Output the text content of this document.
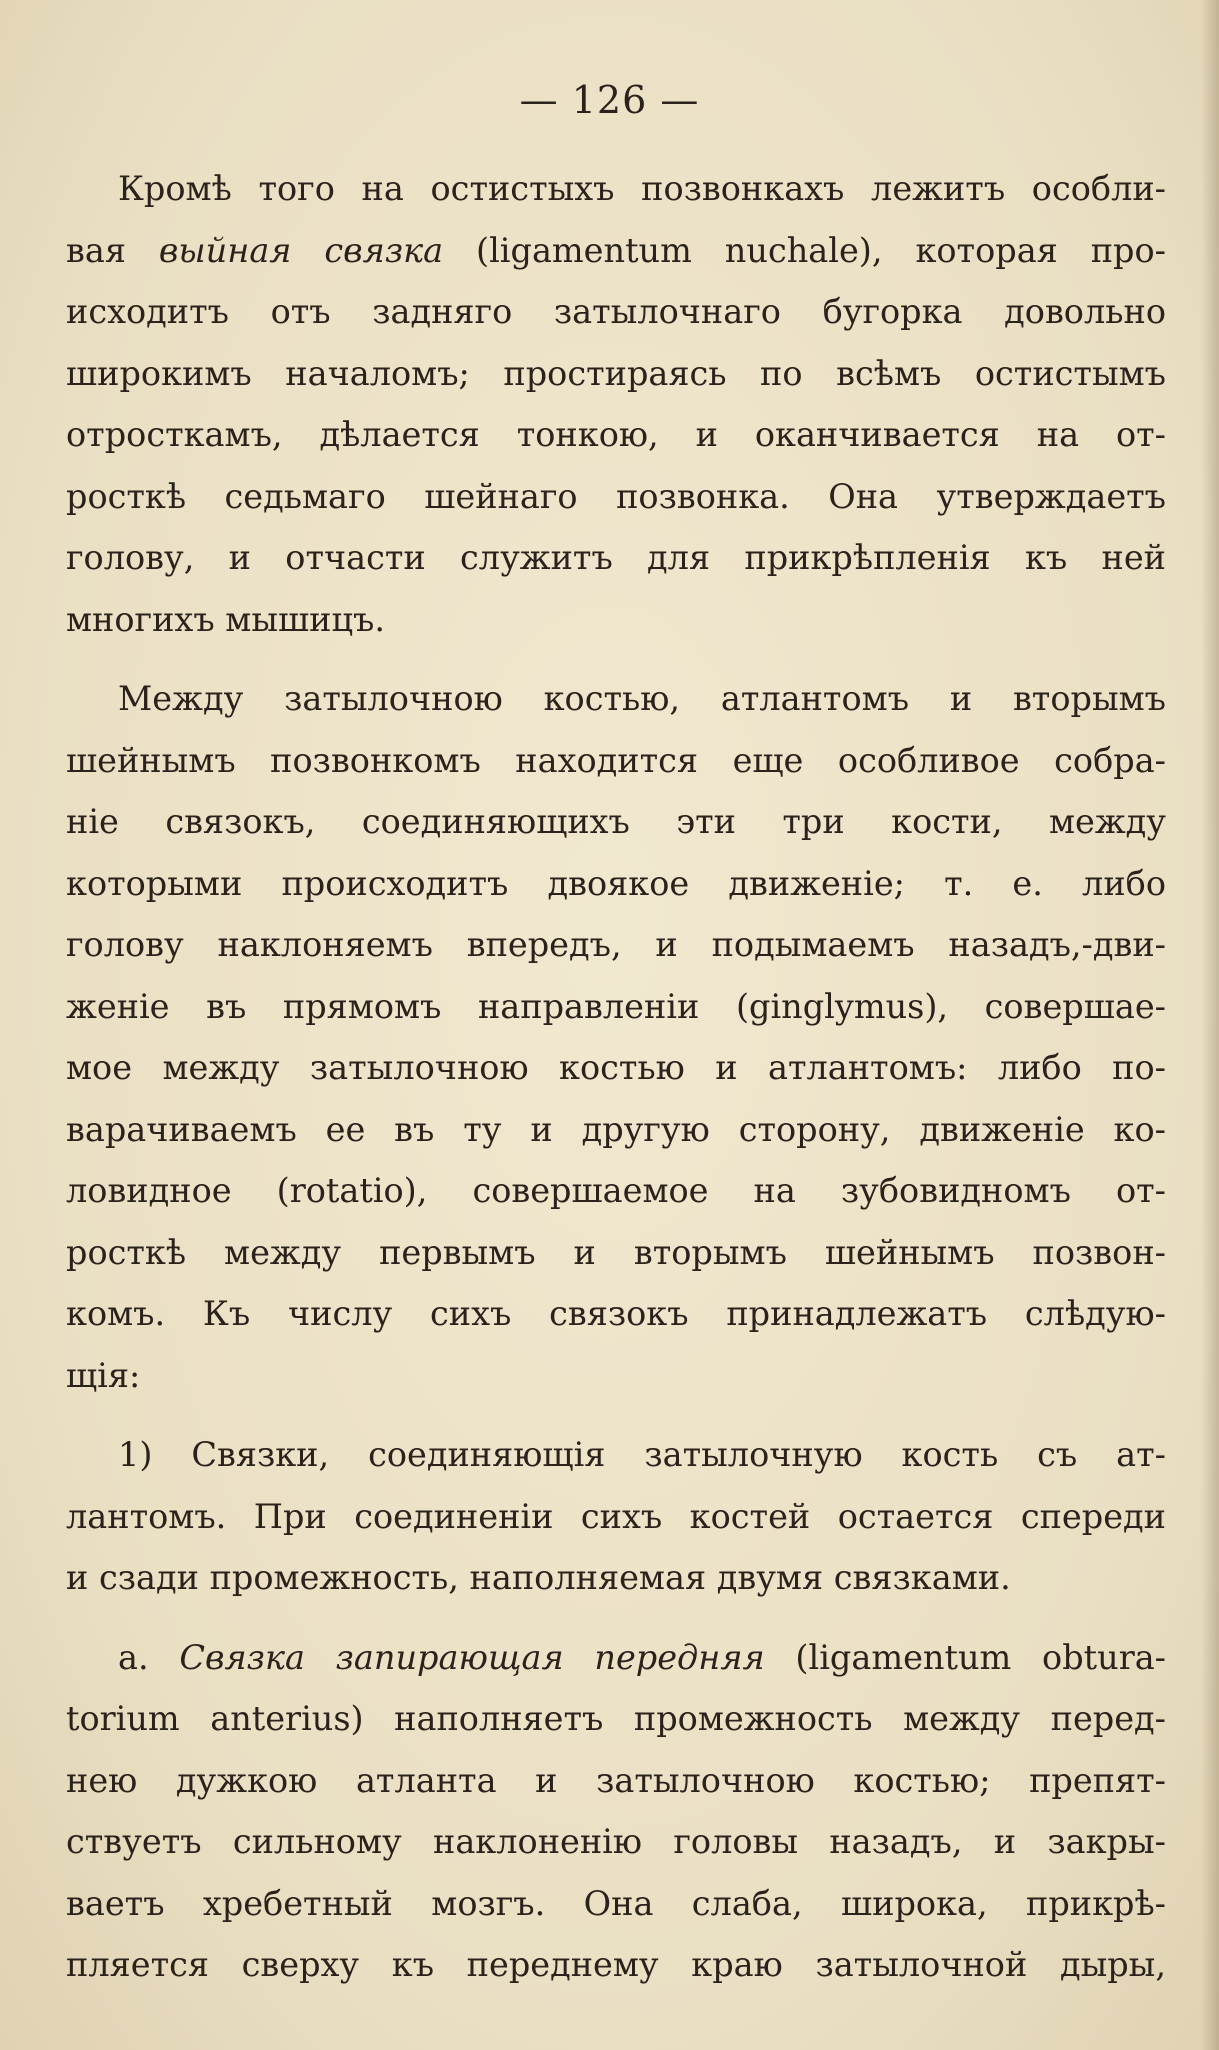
— 126 —

Кромѣ того на остистыхъ позвонкахъ лежитъ особли-
вая выйная связка (ligamentum nuchale), которая про-
исходитъ отъ задняго затылочнаго бугорка довольно
широкимъ началомъ; простираясь по всѣмъ остистымъ
отросткамъ, дѣлается тонкою, и оканчивается на от-
росткѣ седьмаго шейнаго позвонка. Она утверждаетъ
голову, и отчасти служитъ для прикрѣпленія къ ней
многихъ мышицъ.

Между затылочною костью, атлантомъ и вторымъ
шейнымъ позвонкомъ находится еще особливое собра-
ніе связокъ, соединяющихъ эти три кости, между
которыми происходитъ двоякое движеніе; т. е. либо
голову наклоняемъ впередъ, и подымаемъ назадъ,-дви-
женіе въ прямомъ направленіи (ginglymus), совершае-
мое между затылочною костью и атлантомъ: либо по-
варачиваемъ ее въ ту и другую сторону, движеніе ко-
ловидное (rotatio), совершаемое на зубовидномъ от-
росткѣ между первымъ и вторымъ шейнымъ позвон-
комъ. Къ числу сихъ связокъ принадлежатъ слѣдую-
щія:

1) Связки, соединяющія затылочную кость съ ат-
лантомъ. При соединеніи сихъ костей остается спереди
и сзади промежность, наполняемая двумя связками.

a. Связка запирающая передняя (ligamentum obtura-
torium anterius) наполняетъ промежность между перед-
нею дужкою атланта и затылочною костью; препят-
ствуетъ сильному наклоненію головы назадъ, и закры-
ваетъ хребетный мозгъ. Она слаба, широка, прикрѣ-
пляется сверху къ переднему краю затылочной дыры,
